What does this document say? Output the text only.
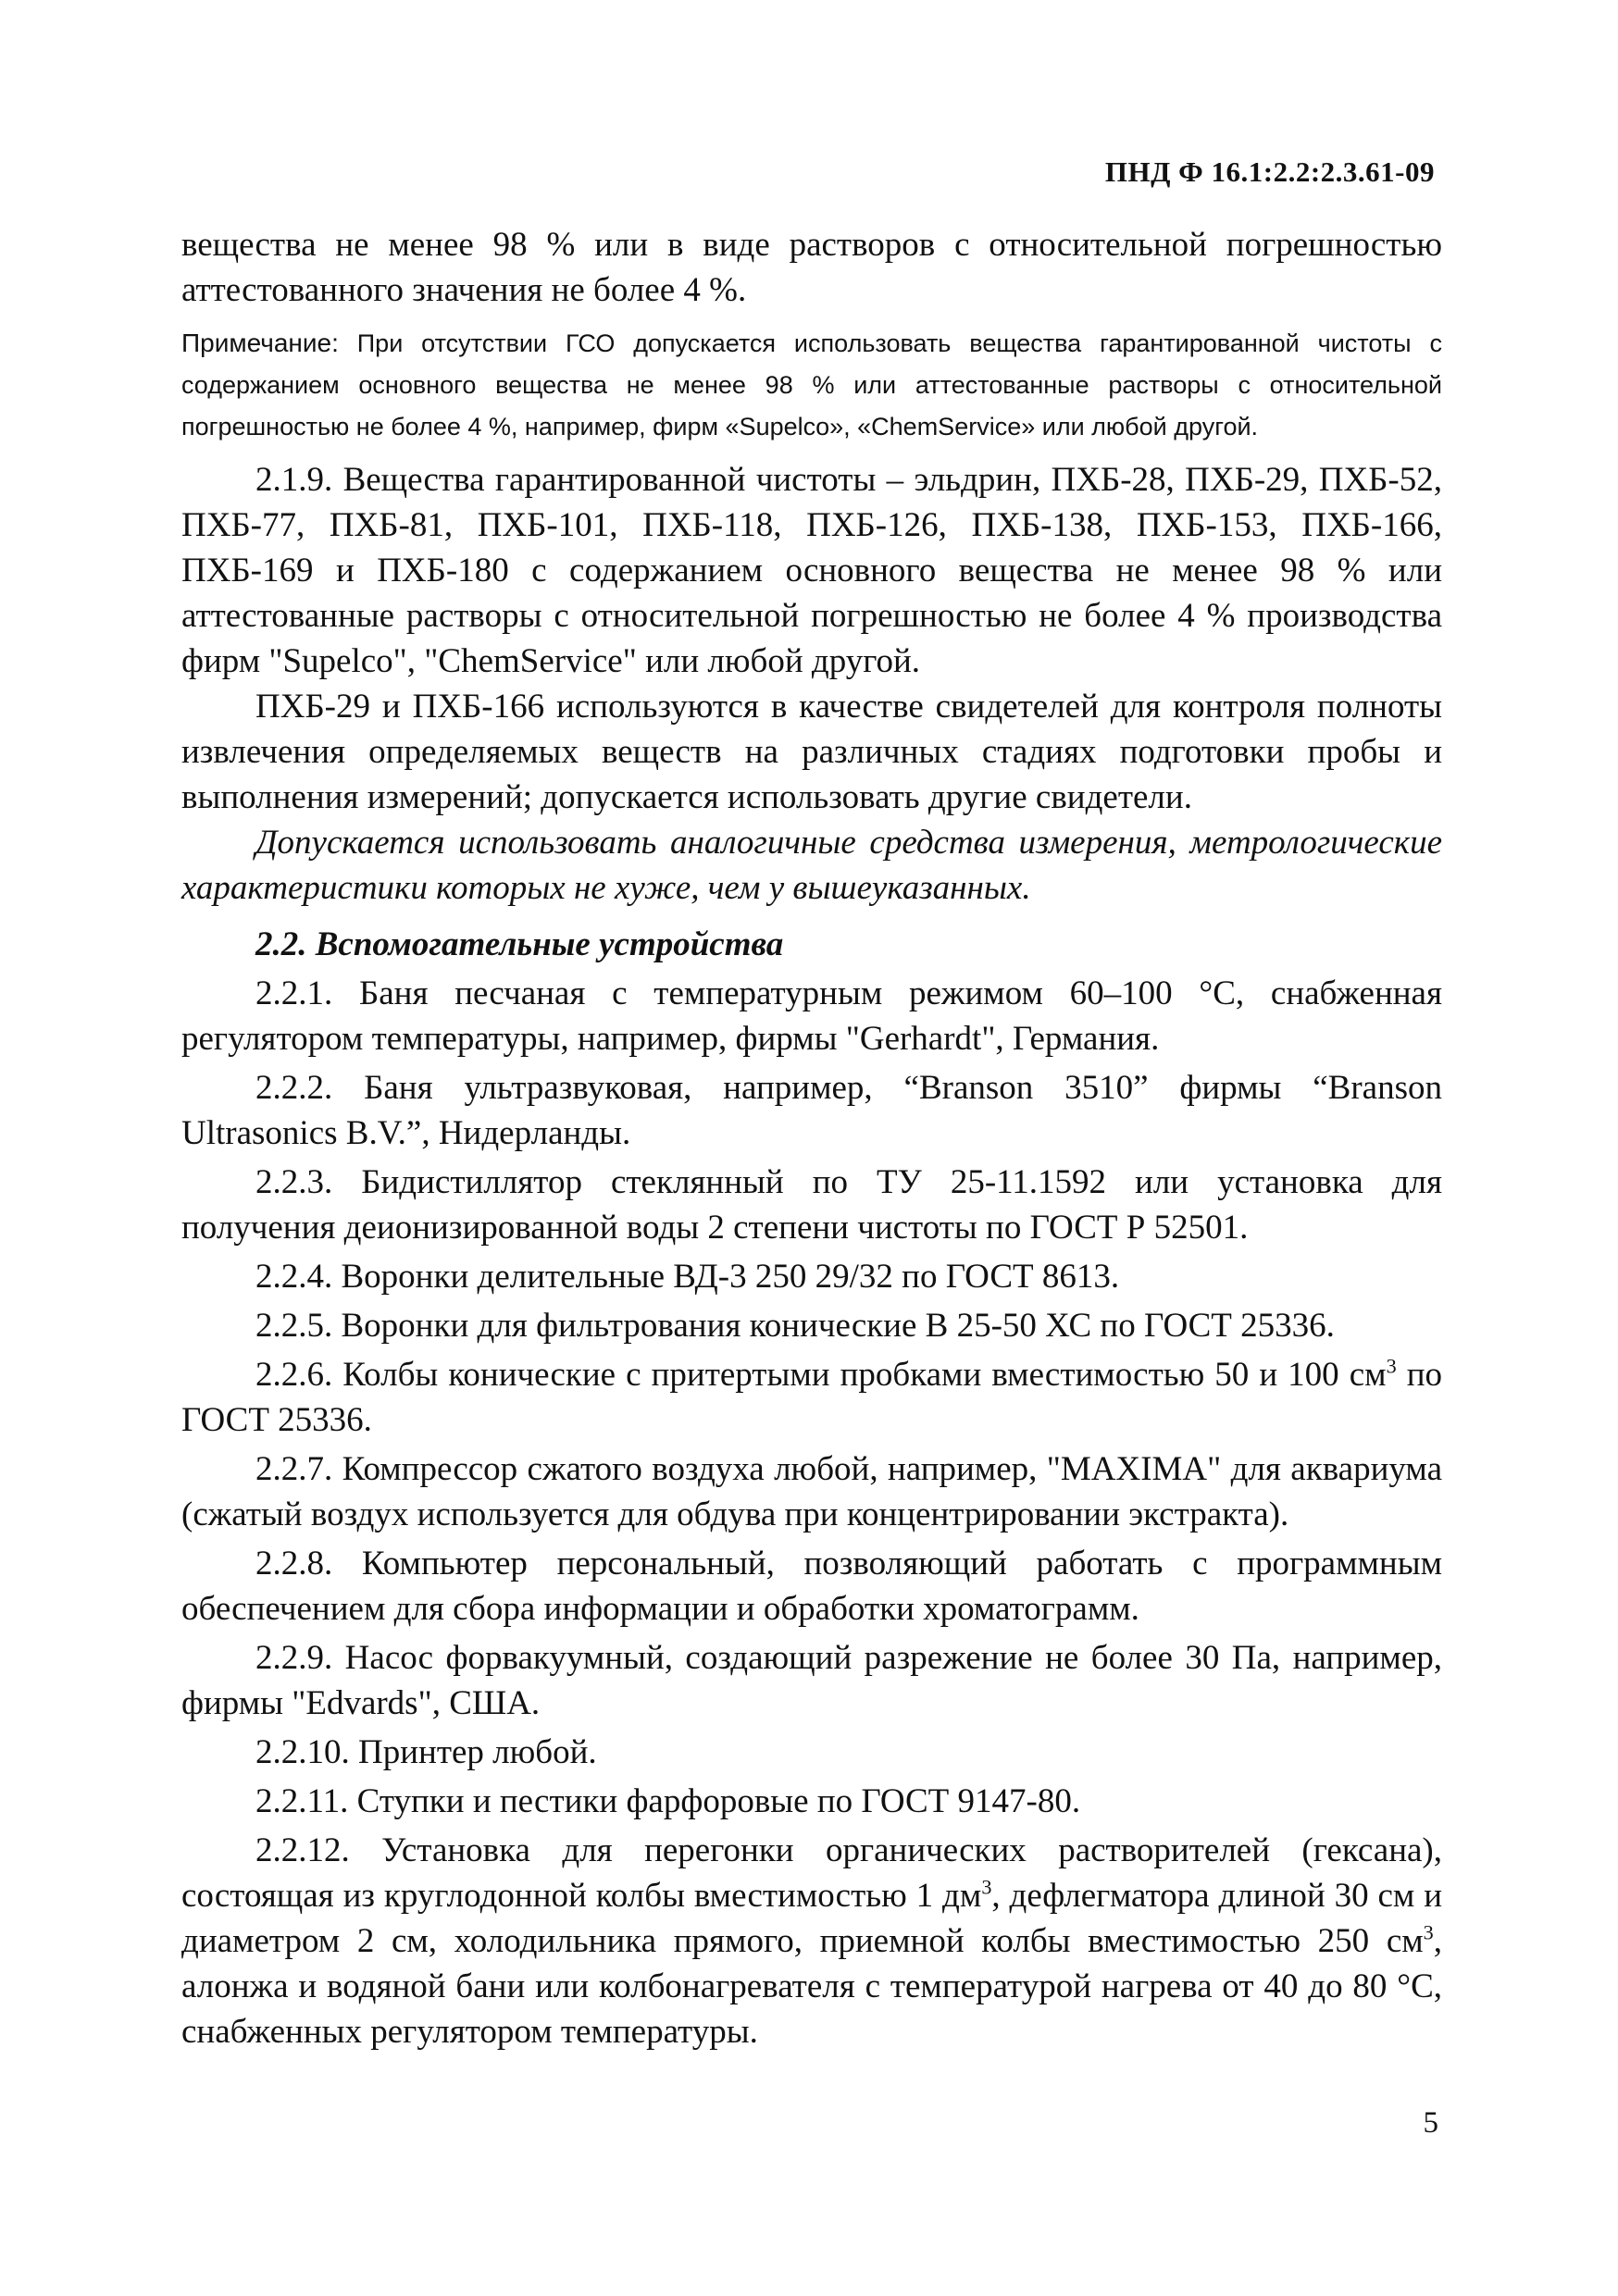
ПНД Ф 16.1:2.2:2.3.61-09

вещества не менее 98 % или в виде растворов с относительной погрешностью аттестованного значения не более 4 %.

Примечание: При отсутствии ГСО допускается использовать вещества гарантированной чистоты с содержанием основного вещества не менее 98 % или аттестованные растворы с относительной погрешностью не более 4 %, например, фирм «Supelco», «ChemService» или любой другой.

2.1.9. Вещества гарантированной чистоты – эльдрин, ПХБ-28, ПХБ-29, ПХБ-52, ПХБ-77, ПХБ-81, ПХБ-101, ПХБ-118, ПХБ-126, ПХБ-138, ПХБ-153, ПХБ-166, ПХБ-169 и ПХБ-180 с содержанием основного вещества не менее 98 % или аттестованные растворы с относительной погрешностью не более 4 % производства фирм "Supelco", "ChemService" или любой другой.

ПХБ-29 и ПХБ-166 используются в качестве свидетелей для контроля полноты извлечения определяемых веществ на различных стадиях подготовки пробы и выполнения измерений; допускается использовать другие свидетели.

Допускается использовать аналогичные средства измерения, метрологические характеристики которых не хуже, чем у вышеуказанных.

2.2. Вспомогательные устройства

2.2.1. Баня песчаная с температурным режимом 60–100 °С, снабженная регулятором температуры, например, фирмы "Gerhardt", Германия.

2.2.2. Баня ультразвуковая, например, “Branson 3510” фирмы “Branson Ultrasonics B.V.”, Нидерланды.

2.2.3. Бидистиллятор стеклянный по ТУ 25-11.1592 или установка для получения деионизированной воды 2 степени чистоты по ГОСТ Р 52501.

2.2.4. Воронки делительные ВД-3 250 29/32 по ГОСТ 8613.

2.2.5. Воронки для фильтрования конические В 25-50 ХС по ГОСТ 25336.

2.2.6. Колбы конические с притертыми пробками вместимостью 50 и 100 $см^3$ по ГОСТ 25336.

2.2.7. Компрессор сжатого воздуха любой, например, "MAXIMA" для аквариума (сжатый воздух используется для обдува при концентрировании экстракта).

2.2.8. Компьютер персональный, позволяющий работать с программным обеспечением для сбора информации и обработки хроматограмм.

2.2.9. Насос форвакуумный, создающий разрежение не более 30 Па, например, фирмы "Edvards", США.

2.2.10. Принтер любой.

2.2.11. Ступки и пестики фарфоровые по ГОСТ 9147-80.

2.2.12. Установка для перегонки органических растворителей (гексана), состоящая из круглодонной колбы вместимостью 1 $дм^3$, дефлегматора длиной 30 см и диаметром 2 см, холодильника прямого, приемной колбы вместимостью 250 $см^3$, алонжа и водяной бани или колбонагревателя с температурой нагрева от 40 до 80 °С, снабженных регулятором температуры.

5
